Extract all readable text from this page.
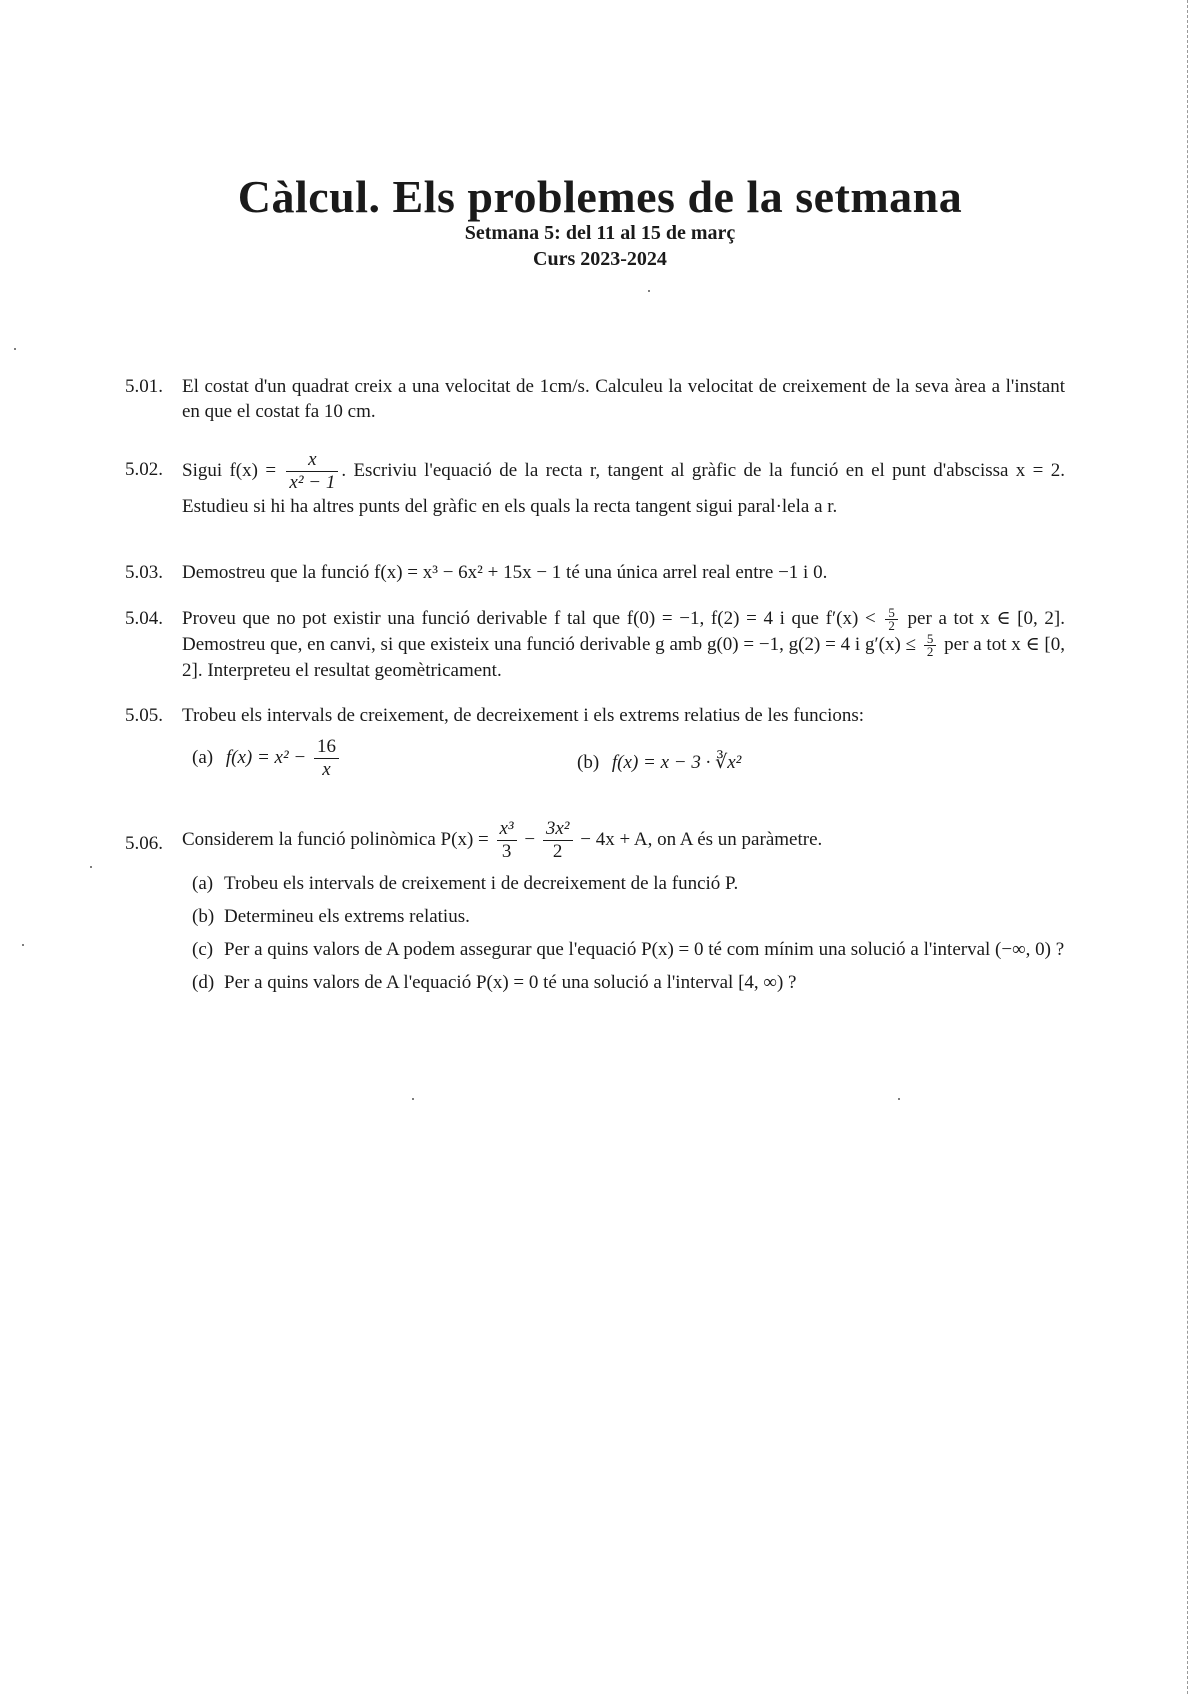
Càlcul. Els problemes de la setmana
Setmana 5: del 11 al 15 de març
Curs 2023-2024
5.01.	El costat d'un quadrat creix a una velocitat de 1cm/s. Calculeu la velocitat de creixement de la seva àrea a l'instant en que el costat fa 10 cm.
5.02.	Sigui $f(x) = \frac{x}{\text{x² − 1}}$ . Escriviu l'equació de la recta r, tangent al gràfic de la funció en el punt d'abscissa x = 2. Estudieu si hi ha altres punts del gràfic en els quals la recta tangent sigui paral·lela a r.
5.03.	Demostreu que la funció f(x) = x³ − 6x² + 15x − 1 té una única arrel real entre −1 i 0.
5.04.	Proveu que no pot existir una funció derivable f tal que f(0) = −1, f(2) = 4 i que $f'(x) < \frac{5}{2}$ per a tot x ∈ [0, 2]. Demostreu que, en canvi, si que existeix una funció derivable g amb g(0) = −1, g(2) = 4 i $g'(x) \le \frac{5}{2}$ per a tot x ∈ [0, 2]. Interpreteu el resultat geomètricament.
5.05.	Trobeu els intervals de creixement, de decreixement i els extrems relatius de les funcions:
(a) $f(x) = x^2 - \frac{16}{x}$	(b) f(x) = x − 3 · ∛x²
5.06.	Considerem la funció polinòmica $P(x) = \frac{\text{x³}}{3} - \frac{\text{3x²}}{2} - 4x + A$, on A és un paràmetre.
(a) Trobeu els intervals de creixement i de decreixement de la funció P.
(b) Determineu els extrems relatius.
(c) Per a quins valors de A podem assegurar que l'equació P(x) = 0 té com mínim una solució a l'interval (−∞, 0) ?
(d) Per a quins valors de A l'equació P(x) = 0 té una solució a l'interval [4, ∞) ?
